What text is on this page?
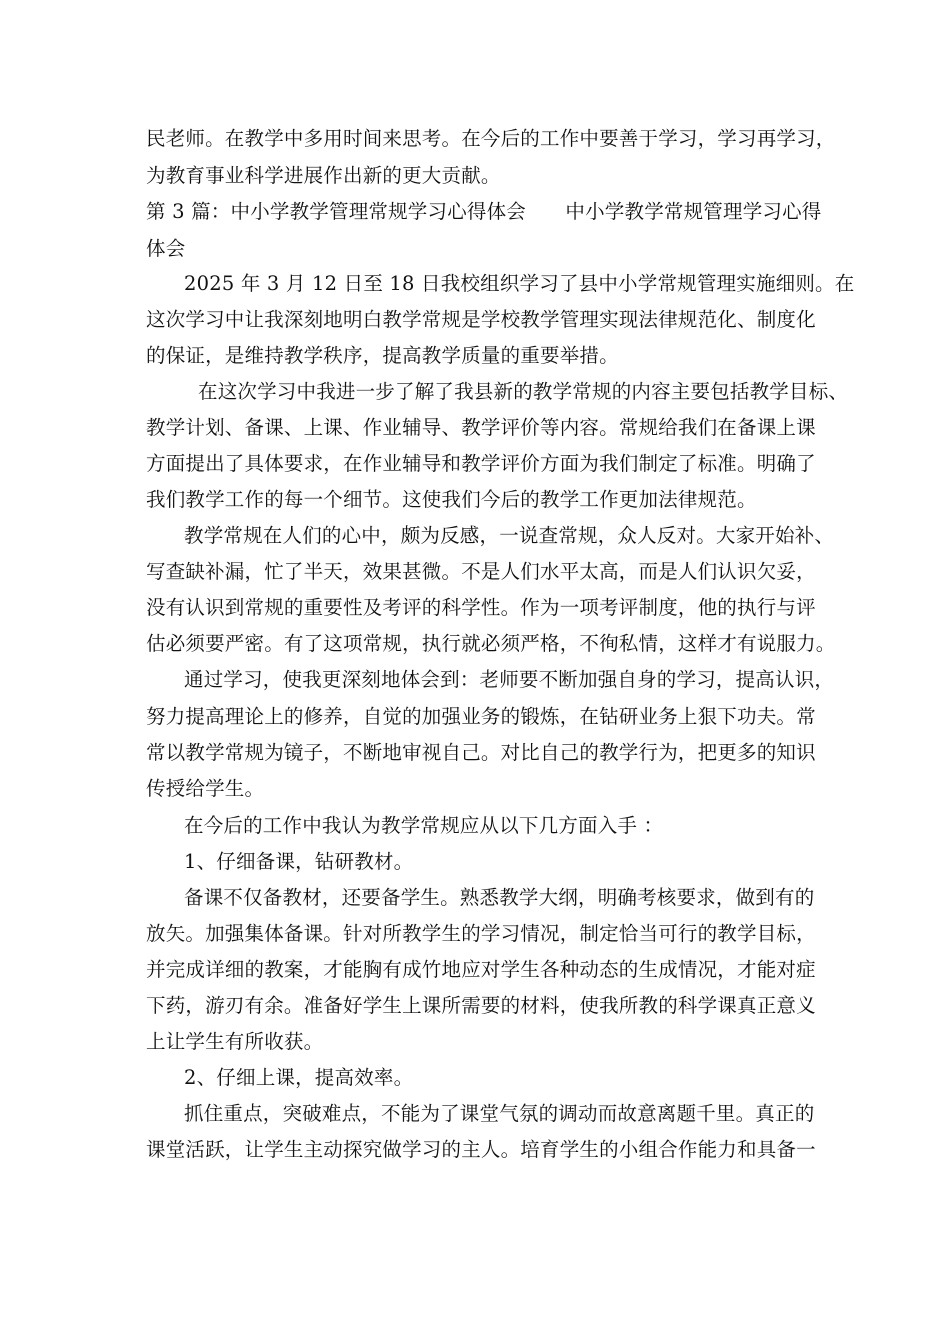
民老师。在教学中多用时间来思考。在今后的工作中要善于学习，学习再学习，
为教育事业科学进展作出新的更大贡献。
第 3 篇：中小学教学管理常规学习心得体会　　中小学教学常规管理学习心得
体会
2025 年 3 月 12 日至 18 日我校组织学习了县中小学常规管理实施细则。在
这次学习中让我深刻地明白教学常规是学校教学管理实现法律规范化、制度化
的保证，是维持教学秩序，提高教学质量的重要举措。
在这次学习中我进一步了解了我县新的教学常规的内容主要包括教学目标、
教学计划、备课、上课、作业辅导、教学评价等内容。常规给我们在备课上课
方面提出了具体要求，在作业辅导和教学评价方面为我们制定了标准。明确了
我们教学工作的每一个细节。这使我们今后的教学工作更加法律规范。
教学常规在人们的心中，颇为反感，一说查常规，众人反对。大家开始补、
写查缺补漏，忙了半天，效果甚微。不是人们水平太高，而是人们认识欠妥，
没有认识到常规的重要性及考评的科学性。作为一项考评制度，他的执行与评
估必须要严密。有了这项常规，执行就必须严格，不徇私情，这样才有说服力。
通过学习，使我更深刻地体会到：老师要不断加强自身的学习，提高认识，
努力提高理论上的修养，自觉的加强业务的锻炼，在钻研业务上狠下功夫。常
常以教学常规为镜子，不断地审视自己。对比自己的教学行为，把更多的知识
传授给学生。
在今后的工作中我认为教学常规应从以下几方面入手 ：
1、仔细备课，钻研教材。
备课不仅备教材，还要备学生。熟悉教学大纲，明确考核要求，做到有的
放矢。加强集体备课。针对所教学生的学习情况，制定恰当可行的教学目标，
并完成详细的教案，才能胸有成竹地应对学生各种动态的生成情况，才能对症
下药，游刃有余。准备好学生上课所需要的材料，使我所教的科学课真正意义
上让学生有所收获。
2、仔细上课，提高效率。
抓住重点，突破难点，不能为了课堂气氛的调动而故意离题千里。真正的
课堂活跃，让学生主动探究做学习的主人。培育学生的小组合作能力和具备一
